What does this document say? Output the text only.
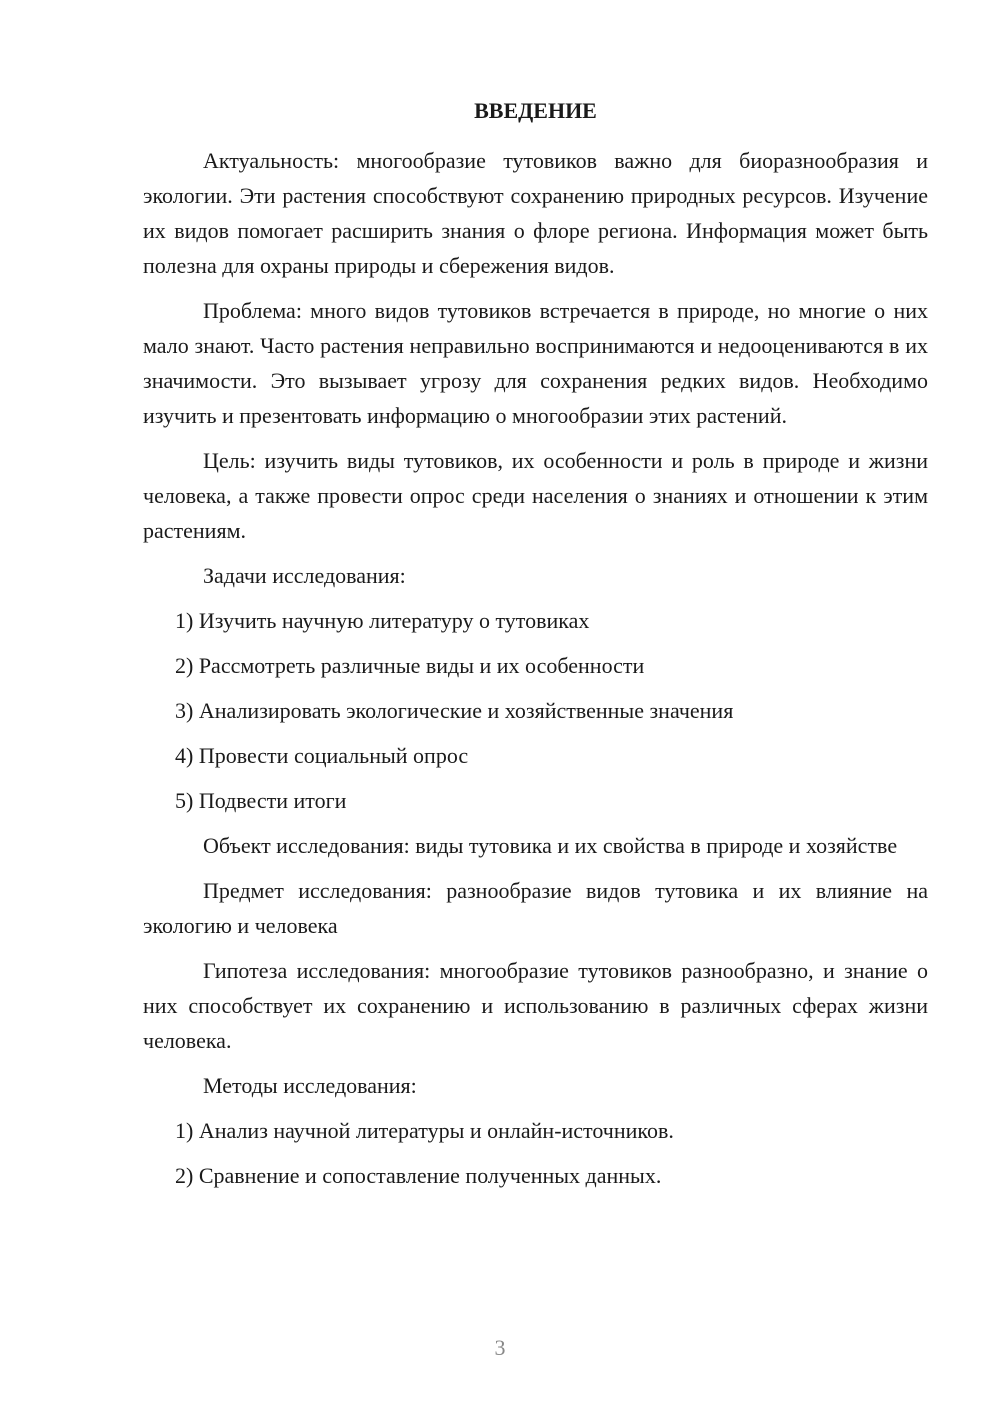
ВВЕДЕНИЕ

Актуальность: многообразие тутовиков важно для биоразнообразия и экологии. Эти растения способствуют сохранению природных ресурсов. Изучение их видов помогает расширить знания о флоре региона. Информация может быть полезна для охраны природы и сбережения видов.

Проблема: много видов тутовиков встречается в природе, но многие о них мало знают. Часто растения неправильно воспринимаются и недооцениваются в их значимости. Это вызывает угрозу для сохранения редких видов. Необходимо изучить и презентовать информацию о многообразии этих растений.

Цель: изучить виды тутовиков, их особенности и роль в природе и жизни человека, а также провести опрос среди населения о знаниях и отношении к этим растениям.

Задачи исследования:

1) Изучить научную литературу о тутовиках
2) Рассмотреть различные виды и их особенности
3) Анализировать экологические и хозяйственные значения
4) Провести социальный опрос
5) Подвести итоги

Объект исследования: виды тутовика и их свойства в природе и хозяйстве

Предмет исследования: разнообразие видов тутовика и их влияние на экологию и человека

Гипотеза исследования: многообразие тутовиков разнообразно, и знание о них способствует их сохранению и использованию в различных сферах жизни человека.

Методы исследования:

1) Анализ научной литературы и онлайн-источников.
2) Сравнение и сопоставление полученных данных.
3
